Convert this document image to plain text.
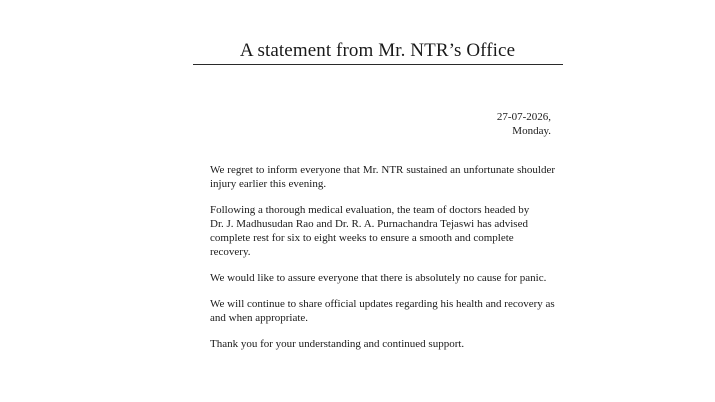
A statement from Mr. NTR’s Office
27-07-2026,
Monday.

We regret to inform everyone that Mr. NTR sustained an unfortunate shoulder
injury earlier this evening.

Following a thorough medical evaluation, the team of doctors headed by
Dr. J. Madhusudan Rao and Dr. R. A. Purnachandra Tejaswi has advised
complete rest for six to eight weeks to ensure a smooth and complete recovery.

We would like to assure everyone that there is absolutely no cause for panic.

We will continue to share official updates regarding his health and recovery as
and when appropriate.

Thank you for your understanding and continued support.
